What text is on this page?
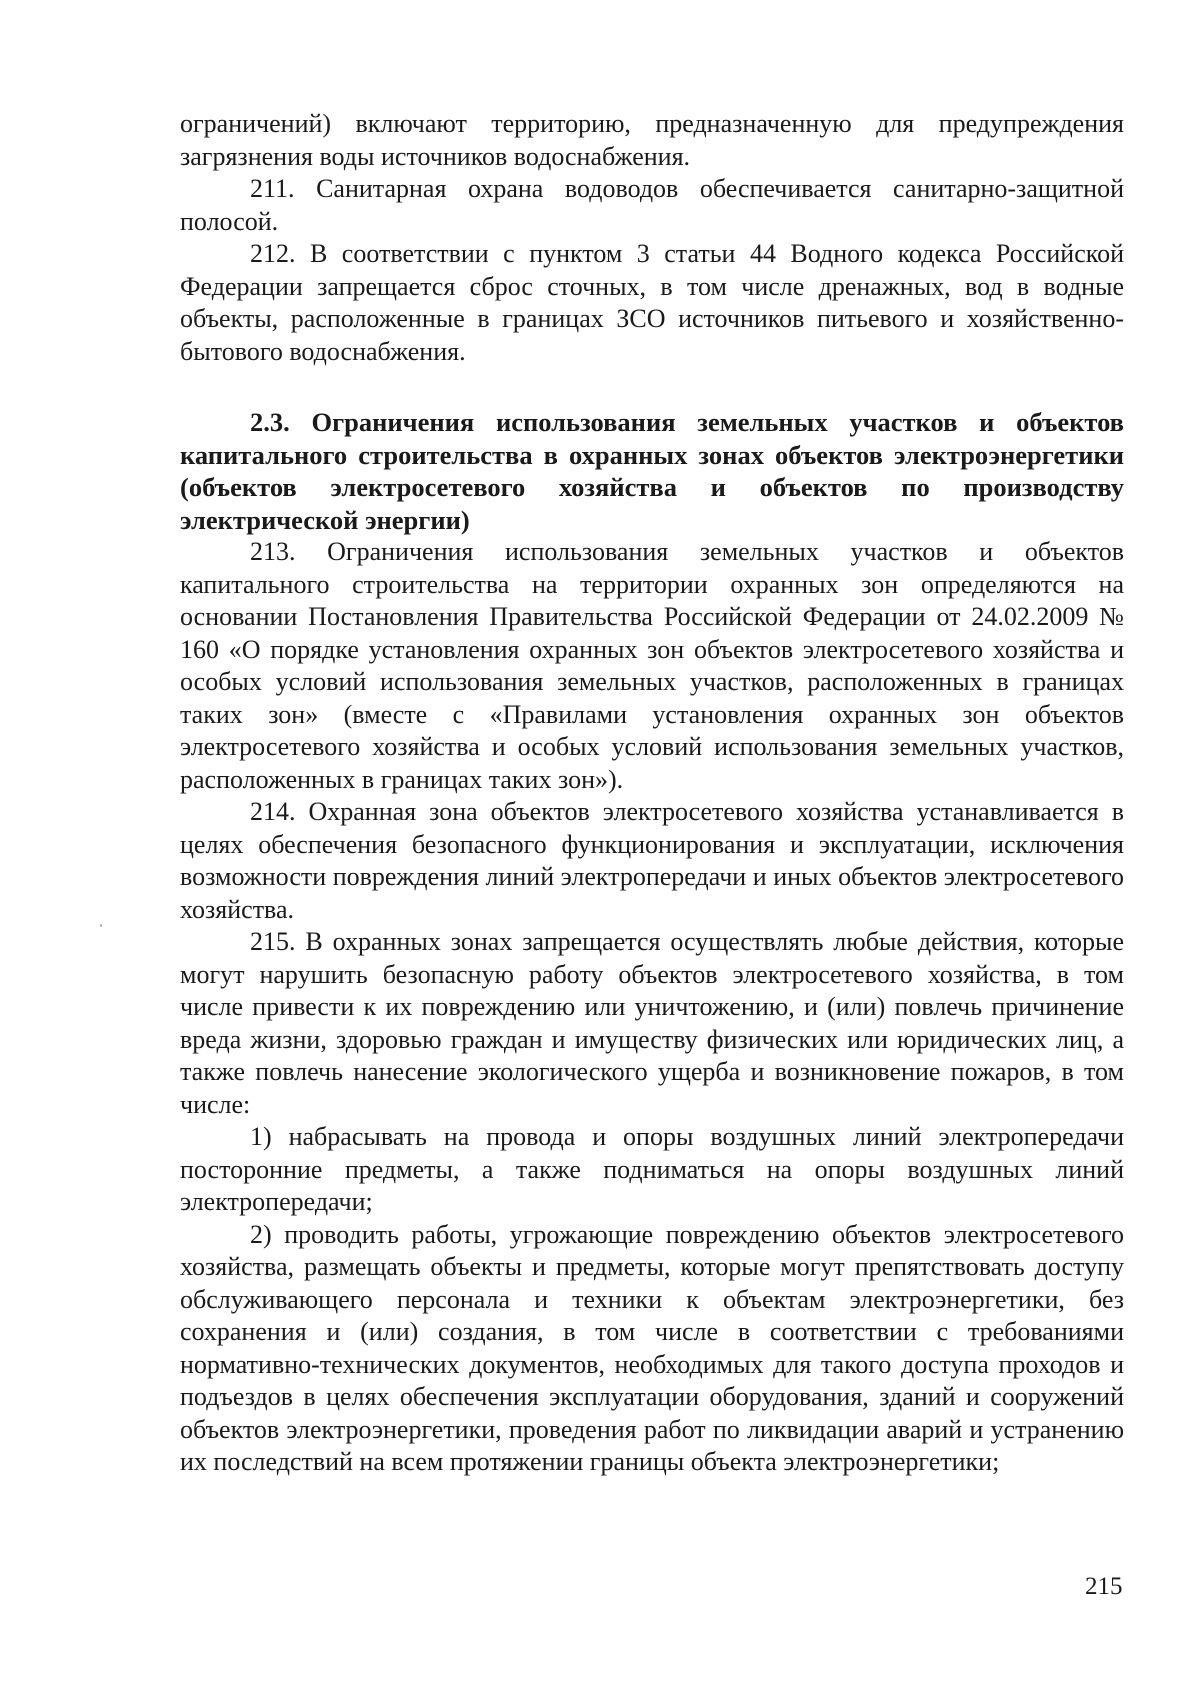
ограничений) включают территорию, предназначенную для предупреждения загрязнения воды источников водоснабжения.

211. Санитарная охрана водоводов обеспечивается санитарно-защитной полосой.

212. В соответствии с пунктом 3 статьи 44 Водного кодекса Российской Федерации запрещается сброс сточных, в том числе дренажных, вод в водные объекты, расположенные в границах ЗСО источников питьевого и хозяйственно-бытового водоснабжения.

2.3. Ограничения использования земельных участков и объектов капитального строительства в охранных зонах объектов электроэнергетики (объектов электросетевого хозяйства и объектов по производству электрической энергии)

213. Ограничения использования земельных участков и объектов капитального строительства на территории охранных зон определяются на основании Постановления Правительства Российской Федерации от 24.02.2009 № 160 «О порядке установления охранных зон объектов электросетевого хозяйства и особых условий использования земельных участков, расположенных в границах таких зон» (вместе с «Правилами установления охранных зон объектов электросетевого хозяйства и особых условий использования земельных участков, расположенных в границах таких зон»).

214. Охранная зона объектов электросетевого хозяйства устанавливается в целях обеспечения безопасного функционирования и эксплуатации, исключения возможности повреждения линий электропередачи и иных объектов электросетевого хозяйства.

215. В охранных зонах запрещается осуществлять любые действия, которые могут нарушить безопасную работу объектов электросетевого хозяйства, в том числе привести к их повреждению или уничтожению, и (или) повлечь причинение вреда жизни, здоровью граждан и имуществу физических или юридических лиц, а также повлечь нанесение экологического ущерба и возникновение пожаров, в том числе:

1) набрасывать на провода и опоры воздушных линий электропередачи посторонние предметы, а также подниматься на опоры воздушных линий электропередачи;

2) проводить работы, угрожающие повреждению объектов электросетевого хозяйства, размещать объекты и предметы, которые могут препятствовать доступу обслуживающего персонала и техники к объектам электроэнергетики, без сохранения и (или) создания, в том числе в соответствии с требованиями нормативно-технических документов, необходимых для такого доступа проходов и подъездов в целях обеспечения эксплуатации оборудования, зданий и сооружений объектов электроэнергетики, проведения работ по ликвидации аварий и устранению их последствий на всем протяжении границы объекта электроэнергетики;

215
